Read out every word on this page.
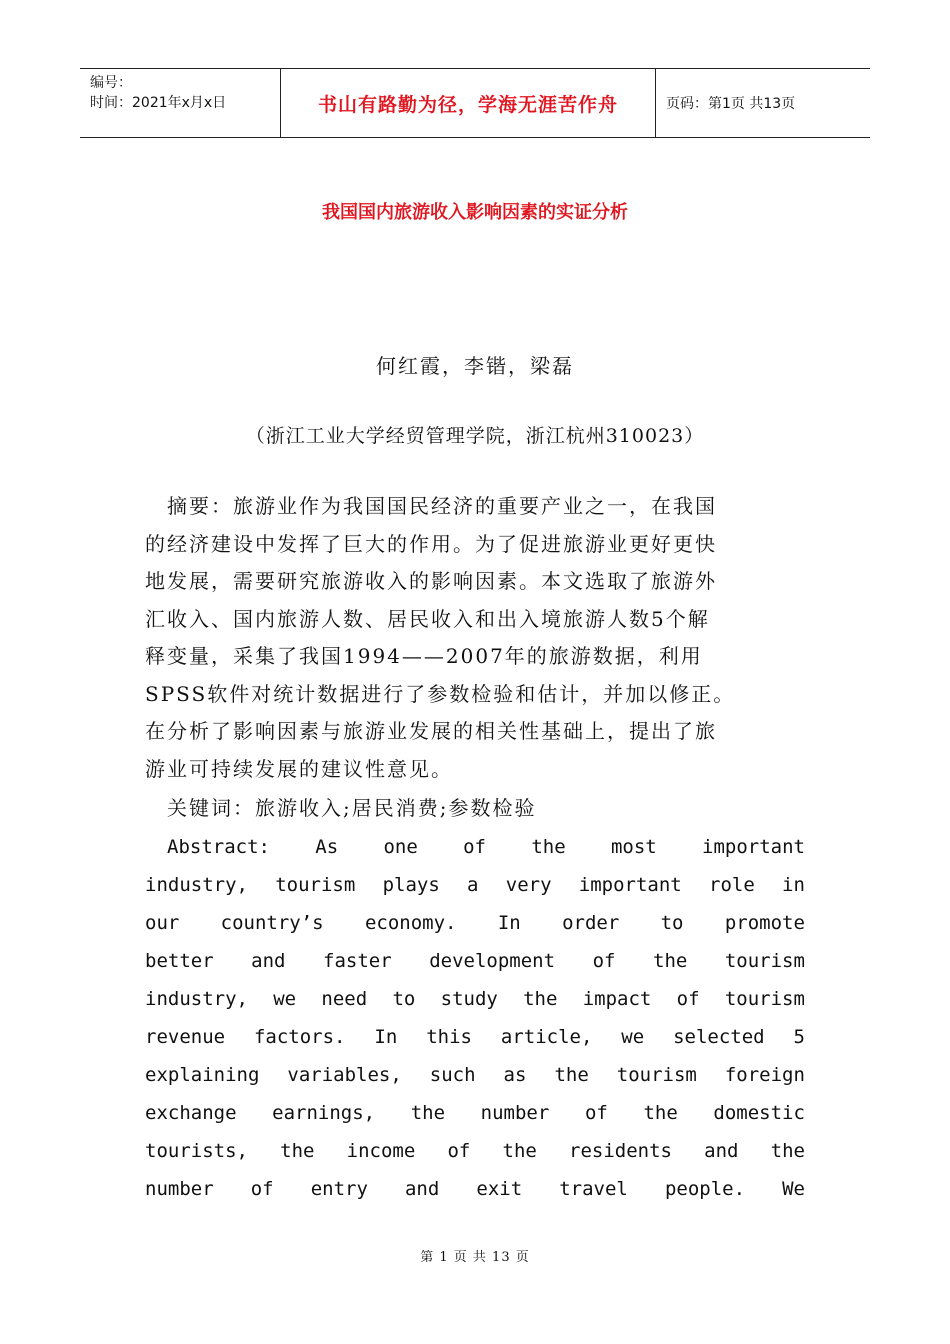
编号：
时间：2021年x月x日	书山有路勤为径，学海无涯苦作舟	页码：第1页 共13页
我国国内旅游收入影响因素的实证分析
何红霞，李锴，梁磊
（浙江工业大学经贸管理学院，浙江杭州310023）

摘要：旅游业作为我国国民经济的重要产业之一，在我国

的经济建设中发挥了巨大的作用。为了促进旅游业更好更快

地发展，需要研究旅游收入的影响因素。本文选取了旅游外

汇收入、国内旅游人数、居民收入和出入境旅游人数5个解

释变量，采集了我国1994——2007年的旅游数据，利用

SPSS软件对统计数据进行了参数检验和估计，并加以修正。

在分析了影响因素与旅游业发展的相关性基础上，提出了旅

游业可持续发展的建议性意见。

关键词：旅游收入;居民消费;参数检验

Abstract: As one of the most important
industry, tourism plays a very important role in
our country’s economy. In order to promote
better and faster development of the tourism
industry, we need to study the impact of tourism
revenue factors. In this article, we selected 5
explaining variables, such as the tourism foreign
exchange earnings, the number of the domestic
tourists, the income of the residents and the
number of entry and exit travel people. We
第 1 页 共 13 页
